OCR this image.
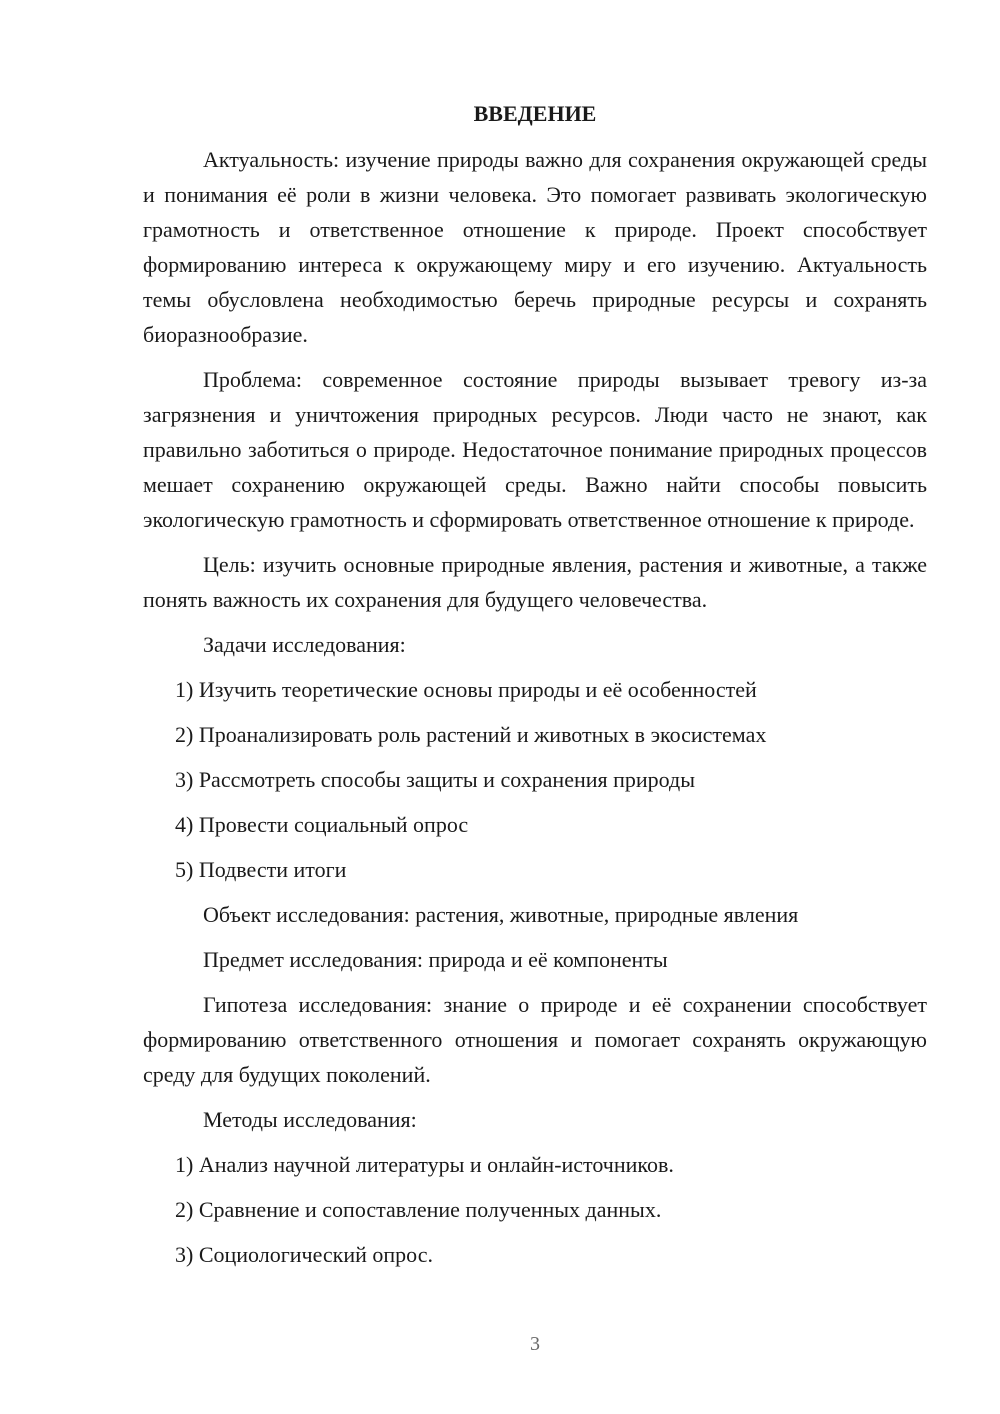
ВВЕДЕНИЕ

Актуальность: изучение природы важно для сохранения окружающей среды и понимания её роли в жизни человека. Это помогает развивать экологическую грамотность и ответственное отношение к природе. Проект способствует формированию интереса к окружающему миру и его изучению. Актуальность темы обусловлена необходимостью беречь природные ресурсы и сохранять биоразнообразие.

Проблема: современное состояние природы вызывает тревогу из-за загрязнения и уничтожения природных ресурсов. Люди часто не знают, как правильно заботиться о природе. Недостаточное понимание природных процессов мешает сохранению окружающей среды. Важно найти способы повысить экологическую грамотность и сформировать ответственное отношение к природе.

Цель: изучить основные природные явления, растения и животные, а также понять важность их сохранения для будущего человечества.

Задачи исследования:

1) Изучить теоретические основы природы и её особенностей
2) Проанализировать роль растений и животных в экосистемах
3) Рассмотреть способы защиты и сохранения природы
4) Провести социальный опрос
5) Подвести итоги

Объект исследования: растения, животные, природные явления

Предмет исследования: природа и её компоненты

Гипотеза исследования: знание о природе и её сохранении способствует формированию ответственного отношения и помогает сохранять окружающую среду для будущих поколений.

Методы исследования:

1) Анализ научной литературы и онлайн-источников.
2) Сравнение и сопоставление полученных данных.
3) Социологический опрос.
3
